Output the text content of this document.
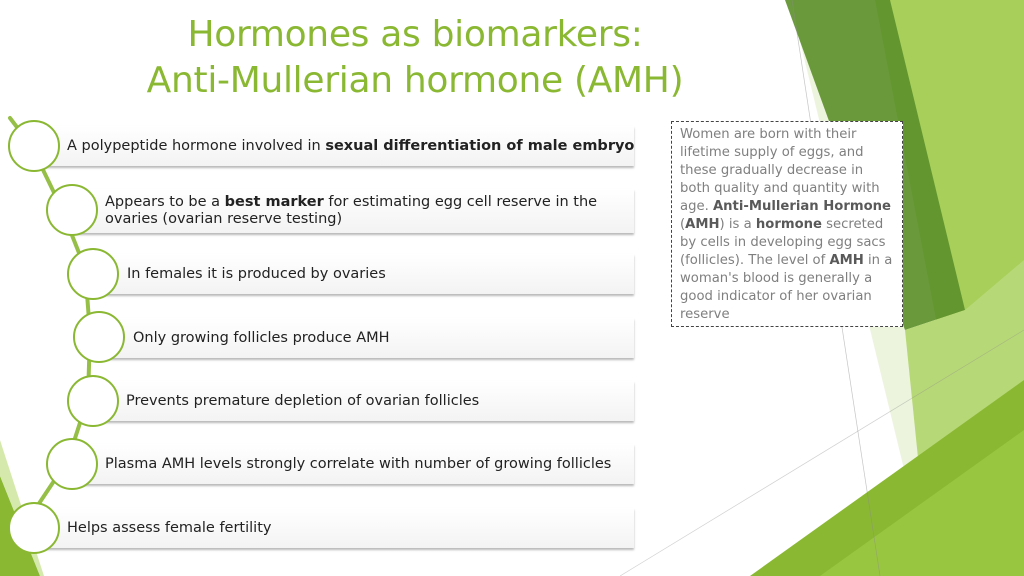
Hormones as biomarkers:
Anti-Mullerian hormone (AMH)
A polypeptide hormone involved in sexual differentiation of male embryo
Appears to be a best marker for estimating egg cell reserve in the ovaries (ovarian reserve testing)
In females it is produced by ovaries
Only growing follicles produce AMH
Prevents premature depletion of ovarian follicles
Plasma AMH levels strongly correlate with number of growing follicles
Helps assess female fertility
Women are born with their lifetime supply of eggs, and these gradually decrease in both quality and quantity with age. Anti-Mullerian Hormone (AMH) is a hormone secreted by cells in developing egg sacs (follicles). The level of AMH in a woman's blood is generally a good indicator of her ovarian reserve
